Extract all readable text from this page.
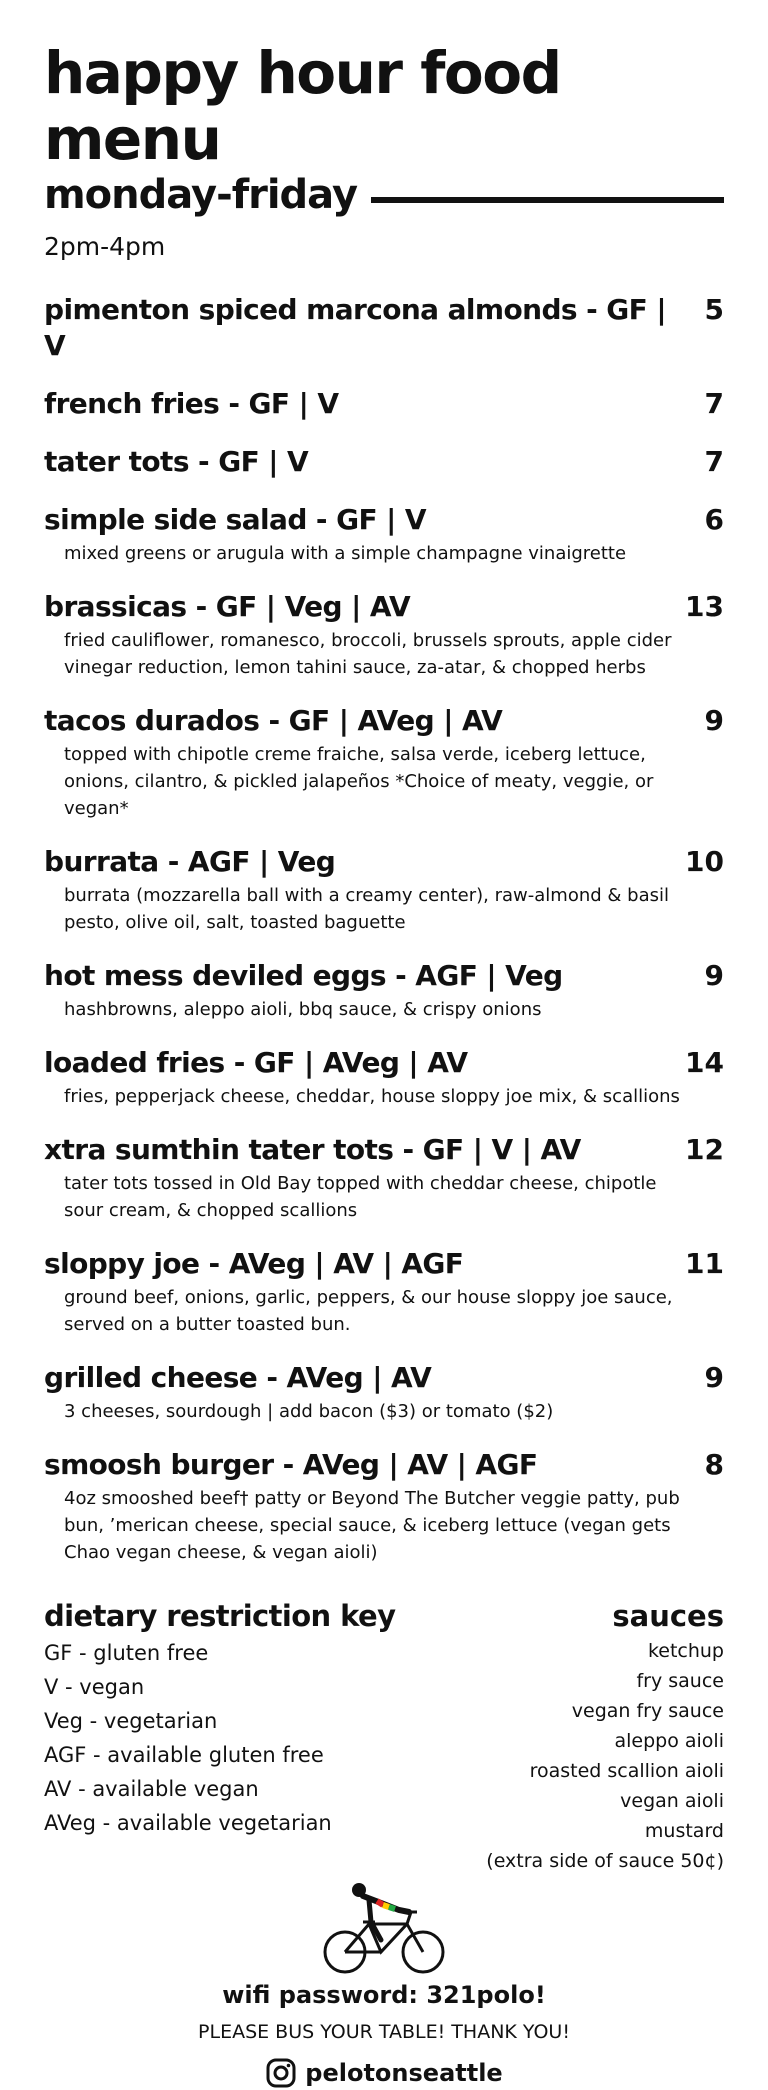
happy hour food menu
monday-friday
2pm-4pm
pimenton spiced marcona almonds - GF | V
5
french fries - GF | V	7
tater tots - GF | V	7
simple side salad - GF | V	6
mixed greens or arugula with a simple champagne vinaigrette
brassicas - GF | Veg | AV	13
fried cauliflower, romanesco, broccoli, brussels sprouts, apple cider vinegar reduction, lemon tahini sauce, za-atar, & chopped herbs
tacos durados - GF | AVeg | AV	9
topped with chipotle creme fraiche, salsa verde, iceberg lettuce, onions, cilantro, & pickled jalapeños *Choice of meaty, veggie, or vegan*
burrata - AGF | Veg	10
burrata (mozzarella ball with a creamy center), raw-almond & basil pesto, olive oil, salt, toasted baguette
hot mess deviled eggs - AGF | Veg	9
hashbrowns, aleppo aioli, bbq sauce, & crispy onions
loaded fries - GF | AVeg | AV	14
fries, pepperjack cheese, cheddar, house sloppy joe mix, & scallions
xtra sumthin tater tots - GF | V | AV	12
tater tots tossed in Old Bay topped with cheddar cheese, chipotle sour cream, & chopped scallions
sloppy joe - AVeg | AV | AGF	11
ground beef, onions, garlic, peppers, & our house sloppy joe sauce, served on a butter toasted bun.
grilled cheese - AVeg | AV	9
3 cheeses, sourdough | add bacon ($3) or tomato ($2)
smoosh burger - AVeg | AV | AGF	8
4oz smooshed beef† patty or Beyond The Butcher veggie patty, pub bun, ’merican cheese, special sauce, & iceberg lettuce (vegan gets Chao vegan cheese, & vegan aioli)
dietary restriction key
GF - gluten free
V - vegan
Veg - vegetarian
AGF - available gluten free
AV - available vegan
AVeg - available vegetarian
sauces
ketchup
fry sauce
vegan fry sauce
aleppo aioli
roasted scallion aioli
vegan aioli
mustard
(extra side of sauce 50¢)
wifi password: 321polo!
PLEASE BUS YOUR TABLE! THANK YOU!
pelotonseattle
